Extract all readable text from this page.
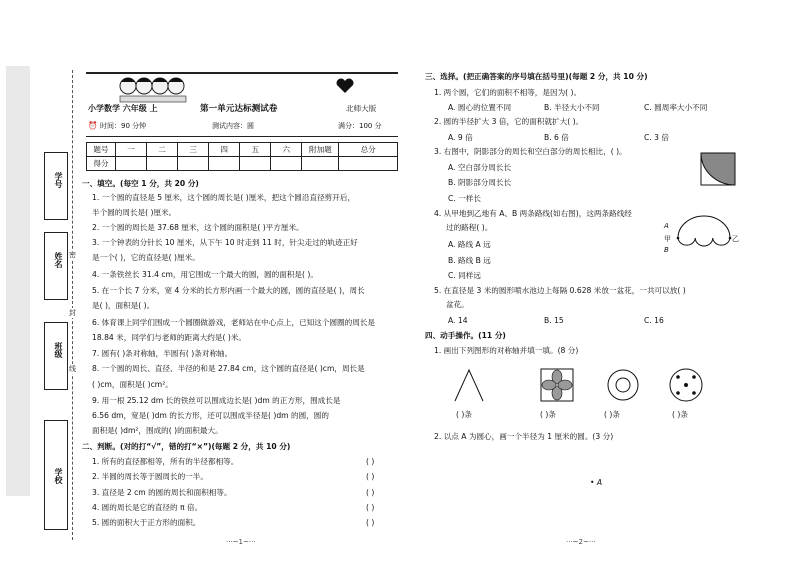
学号
姓名
班级
学校
密
封
线
小学数学 六年级 上	第一单元达标测试卷	北师大版
⏰ 时间：90 分钟	测试内容：圆	满分：100 分
题号	一	二	三	四	五	六	附加题	总分
得分								
一、填空。(每空 1 分，共 20 分)
1. 一个圆的直径是 5 厘米，这个圆的周长是( )厘米，把这个圆沿直径剪开后，
半个圆的周长是( )厘米。
2. 一个圆的周长是 37.68 厘米，这个圆的面积是( )平方厘米。
3. 一个钟表的分针长 10 厘米，从下午 10 时走到 11 时，针尖走过的轨迹正好
是一个( )，它的直径是( )厘米。
4. 一条铁丝长 31.4 cm，用它围成一个最大的圆，圆的面积是( )。
5. 在一个长 7 分米，宽 4 分米的长方形内画一个最大的圆，圆的直径是( )，周长
是( )，面积是( )。
6. 体育课上同学们围成一个圆圈做游戏，老师站在中心点上，已知这个圆圈的周长是
18.84 米，同学们与老师的距离大约是( )米。
7. 圆有( )条对称轴，半圆有( )条对称轴。
8. 一个圆的周长、直径、半径的和是 27.84 cm，这个圆的直径是( )cm，周长是
( )cm，面积是( )cm²。
9. 用一根 25.12 dm 长的铁丝可以围成边长是( )dm 的正方形，围成长是
6.56 dm，宽是( )dm 的长方形，还可以围成半径是( )dm 的圆，圆的
面积是( )dm²，围成的( )的面积最大。
二、判断。(对的打“√”，错的打“×”)(每题 2 分，共 10 分)
1. 所有的直径都相等，所有的半径都相等。	( )
2. 半圆的周长等于圆周长的一半。	( )
3. 直径是 2 cm 的圆的周长和面积相等。	( )
4. 圆的周长是它的直径的 π 倍。	( )
5. 圆的面积大于正方形的面积。	( )
···~1~···
三、选择。(把正确答案的序号填在括号里)(每题 2 分，共 10 分)
1. 两个圆，它们的面积不相等，是因为( )。
A. 圆心的位置不同	B. 半径大小不同	C. 圆周率大小不同
2. 圆的半径扩大 3 倍，它的面积就扩大( )。
A. 9 倍	B. 6 倍	C. 3 倍
3. 右图中，阴影部分的周长和空白部分的周长相比，( )。
A. 空白部分周长长
B. 阴影部分周长长
C. 一样长
4. 从甲地到乙地有 A、B 两条路线(如右图)，这两条路线经
过的路程( )。
A. 路线 A 远
B. 路线 B 远
C. 同样远
A
B
甲	乙
5. 在直径是 3 米的圆形喷水池边上每隔 0.628 米放一盆花，一共可以放( )
盆花。
A. 14	B. 15	C. 16
四、动手操作。(11 分)
1. 画出下列图形的对称轴并填一填。(8 分)
( )条	( )条	( )条	( )条
2. 以点 A 为圆心，画一个半径为 1 厘米的圆。(3 分)
• A
···~2~···
